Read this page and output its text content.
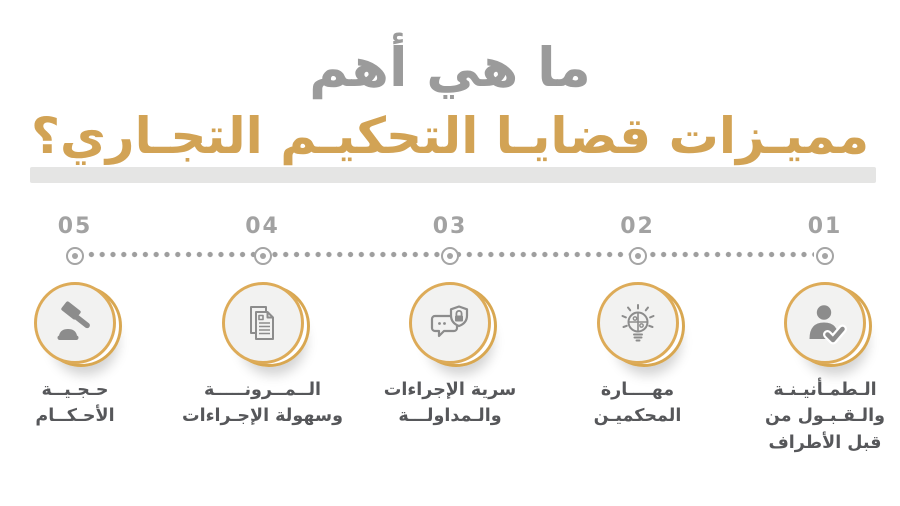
ما هي أهم
مميـزات قضايـا التحكيـم التجـاري؟
01
الـطمـأنيـنـة
والـقـبـول من
قبل الأطراف
02
مهــــارة
المحكميـن
03
سرية الإجراءات
والـمداولـــة
04
الــمــرونـــــة
وسهولة الإجـراءات
05
حـجـيــة
الأحـكــام
